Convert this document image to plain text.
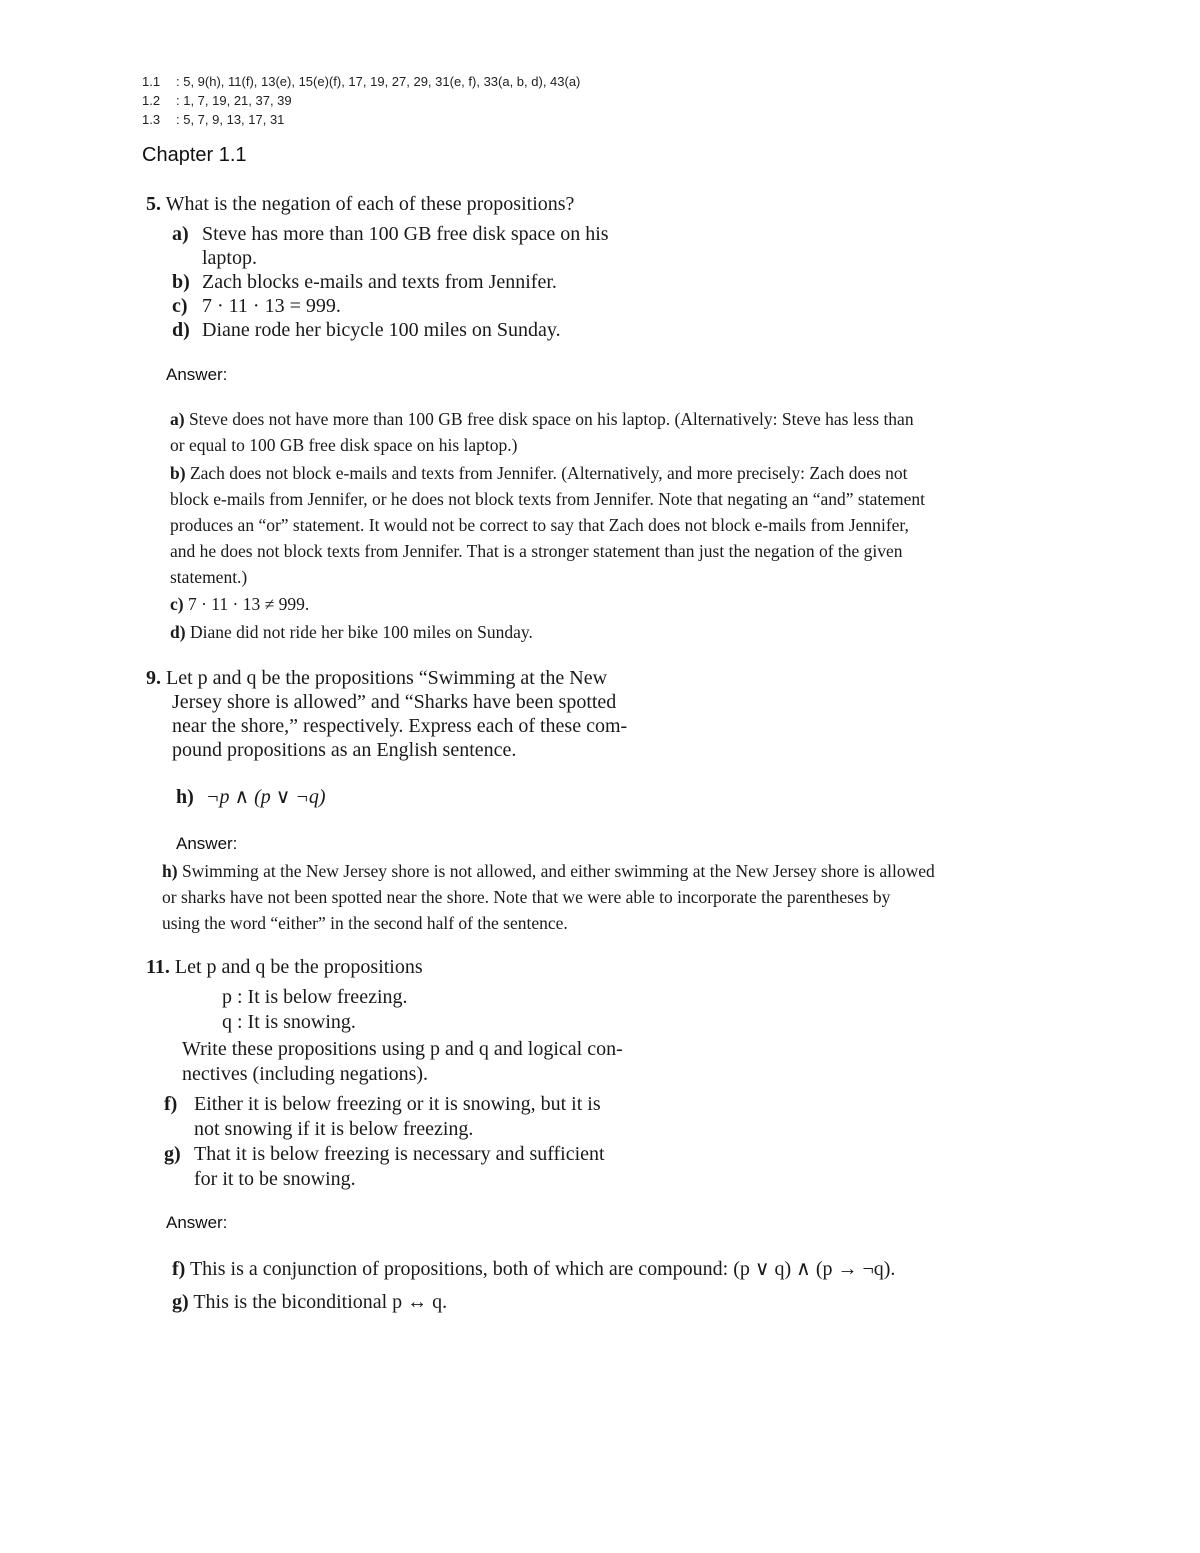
1.1 : 5, 9(h), 11(f), 13(e), 15(e)(f), 17, 19, 27, 29, 31(e, f), 33(a, b, d), 43(a)
1.2 : 1, 7, 19, 21, 37, 39
1.3 : 5, 7, 9, 13, 17, 31
Chapter 1.1
5. What is the negation of each of these propositions?
a) Steve has more than 100 GB free disk space on his
laptop.
b) Zach blocks e-mails and texts from Jennifer.
c) 7 · 11 · 13 = 999.
d) Diane rode her bicycle 100 miles on Sunday.
Answer:
a) Steve does not have more than 100 GB free disk space on his laptop. (Alternatively: Steve has less than
or equal to 100 GB free disk space on his laptop.)
b) Zach does not block e-mails and texts from Jennifer. (Alternatively, and more precisely: Zach does not
block e-mails from Jennifer, or he does not block texts from Jennifer. Note that negating an “and” statement
produces an “or” statement. It would not be correct to say that Zach does not block e-mails from Jennifer,
and he does not block texts from Jennifer. That is a stronger statement than just the negation of the given
statement.)
c) 7 · 11 · 13 ≠ 999.
d) Diane did not ride her bike 100 miles on Sunday.
9. Let p and q be the propositions “Swimming at the New
Jersey shore is allowed” and “Sharks have been spotted
near the shore,” respectively. Express each of these com-
pound propositions as an English sentence.
h) ¬p ∧ (p ∨ ¬q)
Answer:
h) Swimming at the New Jersey shore is not allowed, and either swimming at the New Jersey shore is allowed
or sharks have not been spotted near the shore. Note that we were able to incorporate the parentheses by
using the word “either” in the second half of the sentence.
11. Let p and q be the propositions
p : It is below freezing.
q : It is snowing.
Write these propositions using p and q and logical con-
nectives (including negations).
f) Either it is below freezing or it is snowing, but it is
not snowing if it is below freezing.
g) That it is below freezing is necessary and sufficient
for it to be snowing.
Answer:
f) This is a conjunction of propositions, both of which are compound: (p ∨ q) ∧ (p → ¬q).
g) This is the biconditional p ↔ q.
